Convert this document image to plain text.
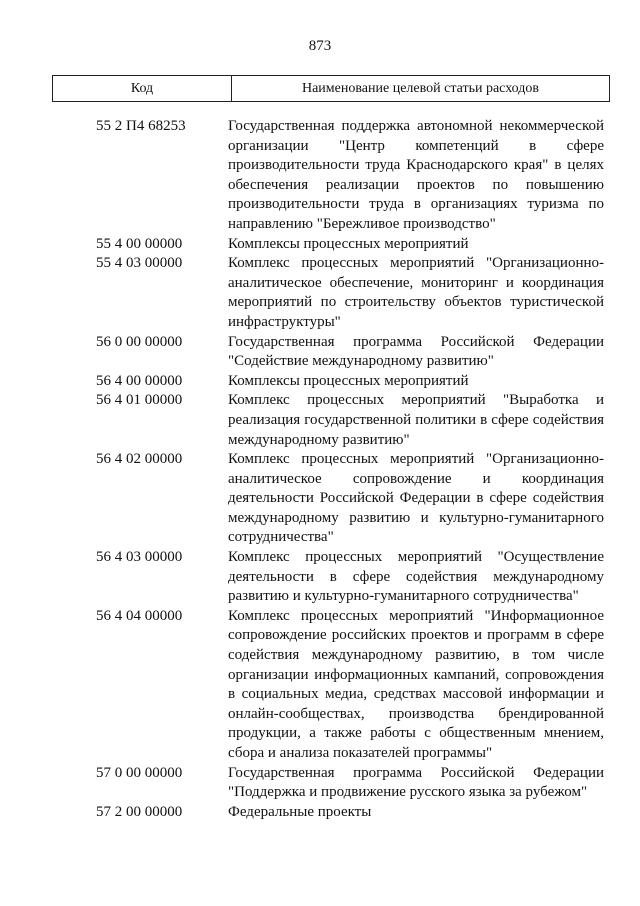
873
Код	Наименование целевой статьи расходов
55 2 П4 68253	Государственная поддержка автономной некоммерческой организации "Центр компетенций в сфере производительности труда Краснодарского края" в целях обеспечения реализации проектов по повышению производительности труда в организациях туризма по направлению "Бережливое производство"
55 4 00 00000	Комплексы процессных мероприятий
55 4 03 00000	Комплекс процессных мероприятий "Организационно-аналитическое обеспечение, мониторинг и координация мероприятий по строительству объектов туристической инфраструктуры"
56 0 00 00000	Государственная программа Российской Федерации "Содействие международному развитию"
56 4 00 00000	Комплексы процессных мероприятий
56 4 01 00000	Комплекс процессных мероприятий "Выработка и реализация государственной политики в сфере содействия международному развитию"
56 4 02 00000	Комплекс процессных мероприятий "Организационно-аналитическое сопровождение и координация деятельности Российской Федерации в сфере содействия международному развитию и культурно-гуманитарного сотрудничества"
56 4 03 00000	Комплекс процессных мероприятий "Осуществление деятельности в сфере содействия международному развитию и культурно-гуманитарного сотрудничества"
56 4 04 00000	Комплекс процессных мероприятий "Информационное сопровождение российских проектов и программ в сфере содействия международному развитию, в том числе организации информационных кампаний, сопровождения в социальных медиа, средствах массовой информации и онлайн-сообществах, производства брендированной продукции, а также работы с общественным мнением, сбора и анализа показателей программы"
57 0 00 00000	Государственная программа Российской Федерации "Поддержка и продвижение русского языка за рубежом"
57 2 00 00000	Федеральные проекты
